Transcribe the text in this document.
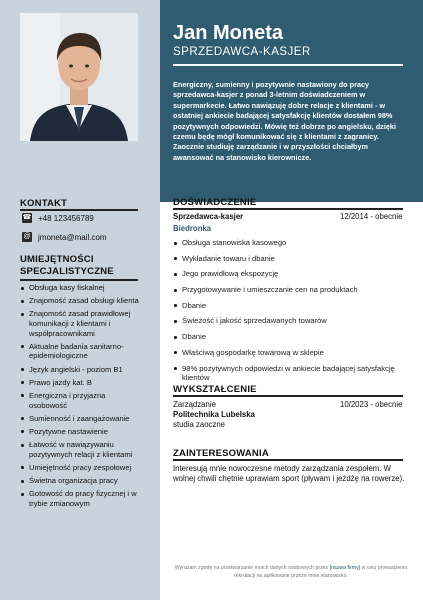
Jan Moneta
SPRZEDAWCA-KASJER
Energiczny, sumienny i pozytywnie nastawiony do pracy sprzedawca-kasjer z ponad 3-letnim doświadczeniem w supermarkecie. Łatwo nawiązuję dobre relacje z klientami - w ostatniej ankiecie badającej satysfakcję klientów dostałem 98% pozytywnych odpowiedzi. Mówię też dobrze po angielsku, dzięki czemu będę mógł komunikować się z klientami z zagranicy. Zaocznie studiuję zarządzanie i w przyszłości chciałbym awansować na stanowisko kierownicze.
KONTAKT
☎ +48 123456789
@ jmoneta@mail.com
UMIEJĘTNOŚCI SPECJALISTYCZNE
Obsługa kasy fiskalnej
Znajomość zasad obsługi klienta
Znajomość zasad prawidłowej komunikacji z klientami i współpracownikami
Aktualne badania sanitarno-epidemiologiczne
Język angielski - poziom B1
Prawo jazdy kat. B
Energiczna i przyjazna osobowość
Sumienność i zaangażowanie
Pozytywne nastawienie
Łatwość w nawiązywaniu pozytywnych relacji z klientami
Umiejętność pracy zespołowej
Świetna organizacja pracy
Gotowość do pracy fizycznej i w trybie zmianowym
DOŚWIADCZENIE
Sprzedawca-kasjer	12/2014 - obecnie
Biedronka
Obsługa stanowiska kasowego
Wykładanie towaru i dbanie
Jego prawidłową ekspozycję
Przygotowywanie i umieszczanie cen na produktach
Dbanie
Świeżość i jakość sprzedawanych towarów
Dbanie
Właściwą gospodarkę towarową w sklepie
98% pozytywnych odpowiedzi w ankiecie badającej satysfakcję klientów
WYKSZTAŁCENIE
Zarządzanie	10/2023 - obecnie
Politechnika Lubelska
studia zaoczne
ZAINTERESOWANIA
Interesują mnie nowoczesne metody zarządzania zespołem. W wolnej chwili chętnie uprawiam sport (pływam i jeżdżę na rowerze).
Wyrażam zgodę na przetwarzanie moich danych osobowych przez [nazwa firmy] w celu prowadzenia rekrutacji na aplikowane przeze mnie stanowisko.
